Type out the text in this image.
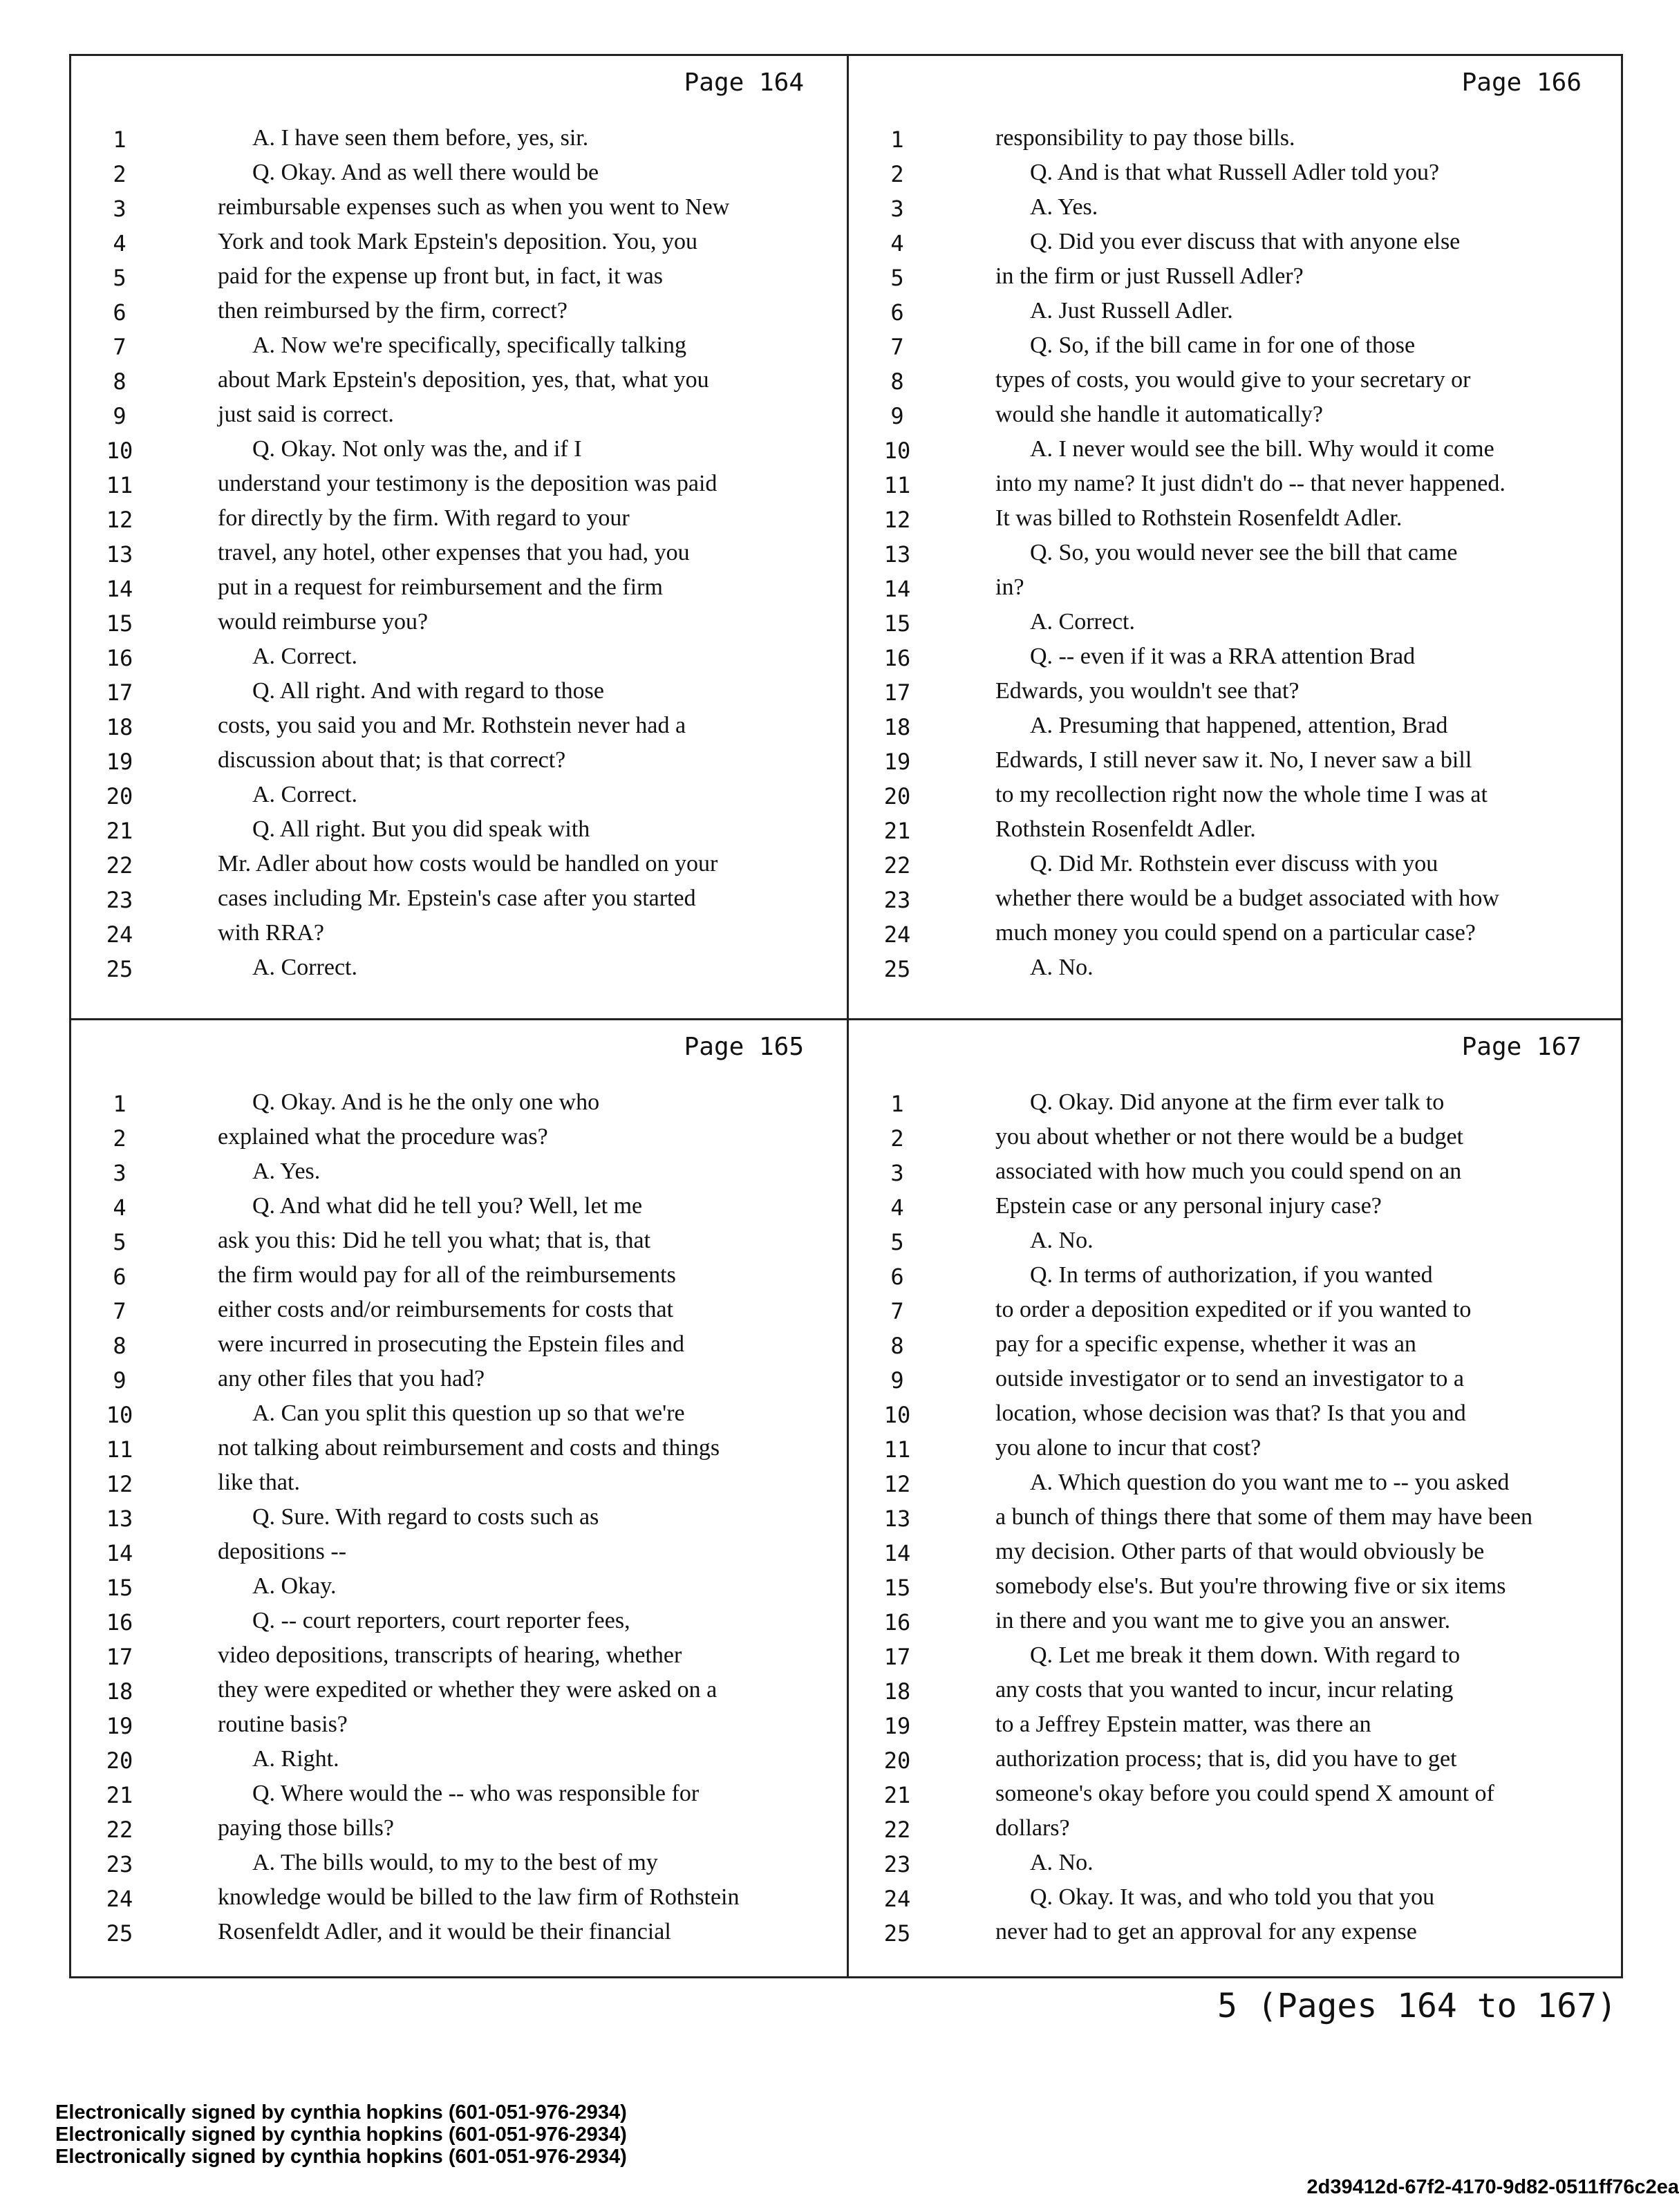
Page 164
1	A. I have seen them before, yes, sir.
2	Q. Okay. And as well there would be
3	reimbursable expenses such as when you went to New
4	York and took Mark Epstein's deposition. You, you
5	paid for the expense up front but, in fact, it was
6	then reimbursed by the firm, correct?
7	A. Now we're specifically, specifically talking
8	about Mark Epstein's deposition, yes, that, what you
9	just said is correct.
10	Q. Okay. Not only was the, and if I
11	understand your testimony is the deposition was paid
12	for directly by the firm. With regard to your
13	travel, any hotel, other expenses that you had, you
14	put in a request for reimbursement and the firm
15	would reimburse you?
16	A. Correct.
17	Q. All right. And with regard to those
18	costs, you said you and Mr. Rothstein never had a
19	discussion about that; is that correct?
20	A. Correct.
21	Q. All right. But you did speak with
22	Mr. Adler about how costs would be handled on your
23	cases including Mr. Epstein's case after you started
24	with RRA?
25	A. Correct.
Page 166
1	responsibility to pay those bills.
2	Q. And is that what Russell Adler told you?
3	A. Yes.
4	Q. Did you ever discuss that with anyone else
5	in the firm or just Russell Adler?
6	A. Just Russell Adler.
7	Q. So, if the bill came in for one of those
8	types of costs, you would give to your secretary or
9	would she handle it automatically?
10	A. I never would see the bill. Why would it come
11	into my name? It just didn't do -- that never happened.
12	It was billed to Rothstein Rosenfeldt Adler.
13	Q. So, you would never see the bill that came
14	in?
15	A. Correct.
16	Q. -- even if it was a RRA attention Brad
17	Edwards, you wouldn't see that?
18	A. Presuming that happened, attention, Brad
19	Edwards, I still never saw it. No, I never saw a bill
20	to my recollection right now the whole time I was at
21	Rothstein Rosenfeldt Adler.
22	Q. Did Mr. Rothstein ever discuss with you
23	whether there would be a budget associated with how
24	much money you could spend on a particular case?
25	A. No.
Page 165
1	Q. Okay. And is he the only one who
2	explained what the procedure was?
3	A. Yes.
4	Q. And what did he tell you? Well, let me
5	ask you this: Did he tell you what; that is, that
6	the firm would pay for all of the reimbursements
7	either costs and/or reimbursements for costs that
8	were incurred in prosecuting the Epstein files and
9	any other files that you had?
10	A. Can you split this question up so that we're
11	not talking about reimbursement and costs and things
12	like that.
13	Q. Sure. With regard to costs such as
14	depositions --
15	A. Okay.
16	Q. -- court reporters, court reporter fees,
17	video depositions, transcripts of hearing, whether
18	they were expedited or whether they were asked on a
19	routine basis?
20	A. Right.
21	Q. Where would the -- who was responsible for
22	paying those bills?
23	A. The bills would, to my to the best of my
24	knowledge would be billed to the law firm of Rothstein
25	Rosenfeldt Adler, and it would be their financial
Page 167
1	Q. Okay. Did anyone at the firm ever talk to
2	you about whether or not there would be a budget
3	associated with how much you could spend on an
4	Epstein case or any personal injury case?
5	A. No.
6	Q. In terms of authorization, if you wanted
7	to order a deposition expedited or if you wanted to
8	pay for a specific expense, whether it was an
9	outside investigator or to send an investigator to a
10	location, whose decision was that? Is that you and
11	you alone to incur that cost?
12	A. Which question do you want me to -- you asked
13	a bunch of things there that some of them may have been
14	my decision. Other parts of that would obviously be
15	somebody else's. But you're throwing five or six items
16	in there and you want me to give you an answer.
17	Q. Let me break it them down. With regard to
18	any costs that you wanted to incur, incur relating
19	to a Jeffrey Epstein matter, was there an
20	authorization process; that is, did you have to get
21	someone's okay before you could spend X amount of
22	dollars?
23	A. No.
24	Q. Okay. It was, and who told you that you
25	never had to get an approval for any expense
5 (Pages 164 to 167)
Electronically signed by cynthia hopkins (601-051-976-2934)
Electronically signed by cynthia hopkins (601-051-976-2934)
Electronically signed by cynthia hopkins (601-051-976-2934)
2d39412d-67f2-4170-9d82-0511ff76c2ea
